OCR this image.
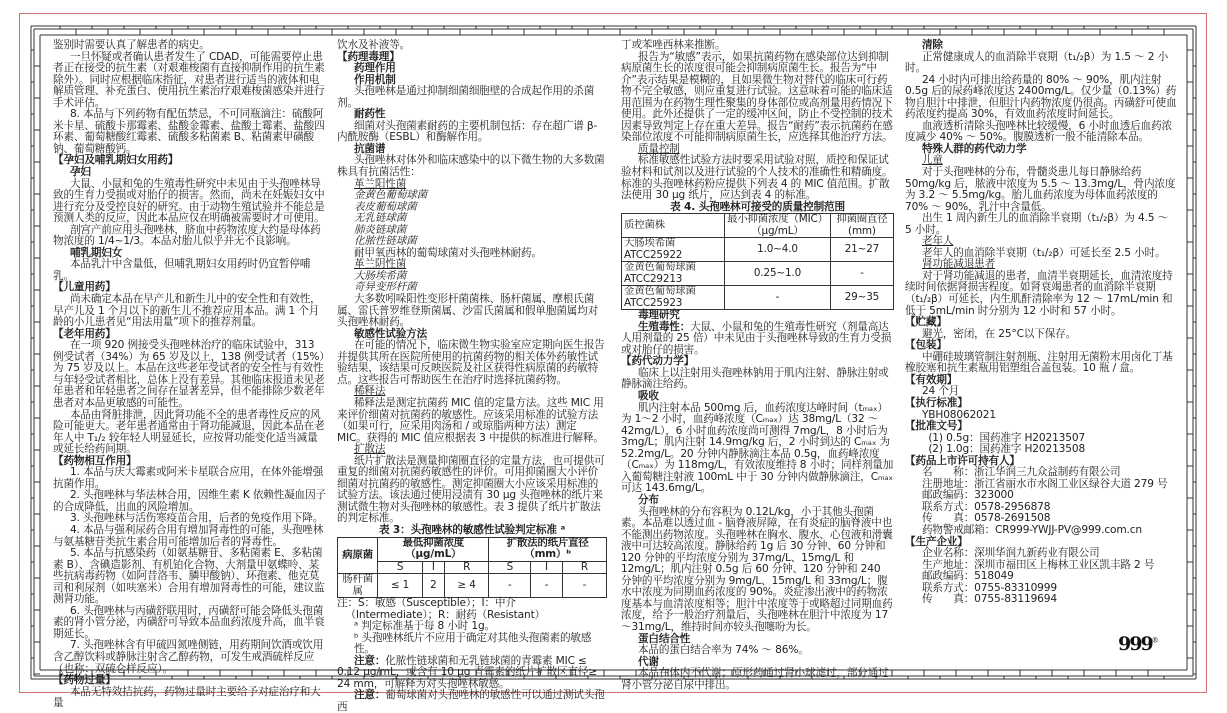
鉴别时需要认真了解患者的病史。

一旦怀疑或者确认患者发生了 CDAD，可能需要停止患者正在接受的抗生素（对艰难梭菌有直接抑制作用的抗生素除外）。同时应根据临床指征，对患者进行适当的液体和电解质管理、补充蛋白、使用抗生素治疗艰难梭菌感染并进行手术评估。

8. 本品与下列药物有配伍禁忌，不可同瓶滴注：硫酸阿米卡星、硫酸卡那霉素、盐酸金霉素、盐酸土霉素、盐酸四环素、葡萄糖酸红霉素、硫酸多粘菌素 B、粘菌素甲磺酸钠、葡萄糖酸钙。

【孕妇及哺乳期妇女用药】

孕妇

大鼠、小鼠和兔的生殖毒性研究中未见由于头孢唑林导致的生育力受损或对胎仔的损害。然而，尚未在妊娠妇女中进行充分及受控良好的研究。由于动物生殖试验并不能总是预测人类的反应，因此本品应仅在明确被需要时才可使用。

剖宫产前应用头孢唑林，脐血中药物浓度大约是母体药物浓度的 1/4~1/3。本品对胎儿似乎并无不良影响。

哺乳期妇女

本品乳汁中含量低，但哺乳期妇女用药时仍宜暂停哺乳。

【儿童用药】

尚未确定本品在早产儿和新生儿中的安全性和有效性，早产儿及 1 个月以下的新生儿不推荐应用本品。满 1 个月龄的小儿患者见“用法用量”项下的推荐剂量。

【老年用药】

在一项 920 例接受头孢唑林治疗的临床试验中，313 例受试者（34%）为 65 岁及以上，138 例受试者（15%）为 75 岁及以上。本品在这些老年受试者的安全性与有效性与年轻受试者相比，总体上没有差异。其他临床报道未见老年患者和年轻患者之间存在显著差异，但不能排除少数老年患者对本品更敏感的可能性。

本品由肾脏排泄，因此肾功能不全的患者毒性反应的风险可能更大。老年患者通常由于肾功能减退，因此本品在老年人中 T₁/₂ 较年轻人明显延长，应按肾功能变化适当减量或延长给药间期。

【药物相互作用】

1. 本品与庆大霉素或阿米卡星联合应用，在体外能增强抗菌作用。

2. 头孢唑林与华法林合用，因维生素 K 依赖性凝血因子的合成降低，出血的风险增加。

3. 头孢唑林与活伤寒疫苗合用，后者的免疫作用下降。

4. 本品与强利尿药合用有增加肾毒性的可能，头孢唑林与氨基糖苷类抗生素合用可能增加后者的肾毒性。

5. 本品与抗感染药（如氨基糖苷、多粘菌素 E、多粘菌素 B）、含碘造影剂、有机铂化合物、大剂量甲氨蝶呤、某些抗病毒药物（如阿昔洛韦、膦甲酸钠）、环孢素、他克莫司和利尿剂（如呋塞米）合用有增加肾毒性的可能，建议监测肾功能。

6. 头孢唑林与丙磺舒联用时，丙磺舒可能会降低头孢菌素的肾小管分泌，丙磺舒可导致本品血药浓度升高，血半衰期延长。

7. 头孢唑林含有甲硫四氮唑侧链，用药期间饮酒或饮用含乙醇饮料或静脉注射含乙醇药物，可发生戒酒硫样反应（也称：双硫仑样反应）。

【药物过量】

本品无特效拮抗药，药物过量时主要给予对症治疗和大量

饮水及补液等。

【药理毒理】

药理作用

作用机制

头孢唑林是通过抑制细菌细胞壁的合成起作用的杀菌剂。

耐药性

细菌对头孢菌素耐药的主要机制包括：存在超广谱 β- 内酰胺酶（ESBL）和酶解作用。

抗菌谱

头孢唑林对体外和临床感染中的以下微生物的大多数菌株具有抗菌活性：

革兰阳性菌

金黄色葡萄球菌

表皮葡萄球菌

无乳链球菌

肺炎链球菌

化脓性链球菌

耐甲氧西林的葡萄球菌对头孢唑林耐药。

革兰阴性菌

大肠埃希菌

奇异变形杆菌

大多数吲哚阳性变形杆菌菌株、肠杆菌属、摩根氏菌属、雷氏普罗维登斯菌属、沙雷氏菌属和假单胞菌属均对头孢唑林耐药。

敏感性试验方法

在可能的情况下，临床微生物实验室应定期向医生报告并提供其所在医院所使用的抗菌药物的相关体外药敏性试验结果，该结果可反映医院及社区获得性病原菌的药敏特点。这些报告可帮助医生在治疗时选择抗菌药物。

稀释法

稀释法是测定抗菌药 MIC 值的定量方法。这些 MIC 用来评价细菌对抗菌药的敏感性。应该采用标准的试验方法（如果可行，应采用肉汤和 / 或琼脂两种方法）测定 MIC。获得的 MIC 值应根据表 3 中提供的标准进行解释。

扩散法

纸片扩散法是测量抑菌圈直径的定量方法，也可提供可重复的细菌对抗菌药敏感性的评价。可用抑菌圈大小评价细菌对抗菌药的敏感性。测定抑菌圈大小应该采用标准的试验方法。该法通过使用浸渍有 30 μg 头孢唑林的纸片来测试微生物对头孢唑林的敏感性。表 3 提供了纸片扩散法的判定标准。

表 3：头孢唑林的敏感性试验判定标准 ᵃ

病原菌	最低抑菌浓度（μg/mL）			扩散法的纸片直径（mm）ᵇ		
	S	I	R	S	I	R
肠杆菌属	≤ 1	2	≥ 4	-	-	-

注：S：敏感（Susceptible）；I：中介（Intermediate）；R：耐药（Resistant）

ᵃ 判定标准基于每 8 小时 1g。

ᵇ 头孢唑林纸片不应用于确定对其他头孢菌素的敏感性。

注意：化脓性链球菌和无乳链球菌的青霉素 MIC ≤ 0.12 μg/mL，或含有 10 μg 青霉素的纸片扩散区直径≥ 24 mm，可解释为对头孢唑林敏感。

注意：葡萄球菌对头孢唑林的敏感性可以通过测试头孢西

丁或苯唑西林来推断。

报告为“敏感”表示，如果抗菌药物在感染部位达到抑制病原菌生长的浓度很可能会抑制病原菌生长。报告为“中介”表示结果是模糊的，且如果微生物对替代的临床可行药物不完全敏感，则应重复进行试验。这意味着可能的临床适用范围为在药物生理性聚集的身体部位或高剂量用药情况下使用。此外还提供了一定的缓冲区间，防止不受控制的技术因素导致判定上存在重大差异。报告“耐药”表示抗菌药在感染部位浓度不可能抑制病原菌生长，应选择其他治疗方法。

质量控制

标准敏感性试验方法时要采用试验对照，质控和保证试验材料和试剂以及进行试验的个人技术的准确性和精确度。标准的头孢唑林药粉应提供下列表 4 的 MIC 值范围。扩散法使用 30 μg 纸片，应达到表 4 的标准。

表 4. 头孢唑林可接受的质量控制范围

质控菌株	最小抑菌浓度（MIC）（μg/mL）	抑菌圈直径(mm)
大肠埃希菌 ATCC25922	1.0~4.0	21~27
金黄色葡萄球菌 ATCC29213	0.25~1.0	-
金黄色葡萄球菌 ATCC25923	-	29~35

毒理研究

生殖毒性：大鼠、小鼠和兔的生殖毒性研究（剂量高达人用剂量的 25 倍）中未见由于头孢唑林导致的生育力受损或对胎仔的损害。

【药代动力学】

临床上以注射用头孢唑林钠用于肌内注射、静脉注射或静脉滴注给药。

吸收

肌内注射本品 500mg 后，血药浓度达峰时间（tₘₐₓ）为 1～2 小时，血药峰浓度（Cₘₐₓ）达 38mg/L（32 ～ 42mg/L），6 小时血药浓度尚可测得 7mg/L，8 小时后为 3mg/L；肌内注射 14.9mg/kg 后，2 小时到达的 Cₘₐₓ 为 52.2mg/L。20 分钟内静脉滴注本品 0.5g，血药峰浓度（Cₘₐₓ）为 118mg/L，有效浓度维持 8 小时；同样剂量加入葡萄糖注射液 100mL 中于 30 分钟内做静脉滴注，Cₘₐₓ 可达 143.6mg/L。

分布

头孢唑林的分布容积为 0.12L/kg，小于其他头孢菌素。本品难以透过血 - 脑脊液屏障，在有炎症的脑脊液中也不能测出药物浓度。头孢唑林在胸水、腹水、心包液和滑囊液中可达较高浓度。静脉给药 1g 后 30 分钟、60 分钟和 120 分钟的平均浓度分别为 37mg/L、15mg/L 和 12mg/L；肌内注射 0.5g 后 60 分钟、120 分钟和 240 分钟的平均浓度分别为 9mg/L、15mg/L 和 33mg/L；腹水中浓度为同期血药浓度的 90%。炎症渗出液中的药物浓度基本与血清浓度相等；胆汁中浓度等于或略超过同期血药浓度，给予一般治疗剂量后，头孢唑林在胆汁中浓度为 17～31mg/L，维持时间亦较头孢噻吩为长。

蛋白结合性

本品的蛋白结合率为 74% ～ 86%。

代谢

本品在体内不代谢；原形药通过肾小球滤过，部分通过肾小管分泌自尿中排出。

清除

正常健康成人的血消除半衰期（t₁/₂β）为 1.5 ～ 2 小时。

24 小时内可排出给药量的 80% ～ 90%，肌内注射 0.5g 后的尿药峰浓度达 2400mg/L。仅少量（0.13%）药物自胆汁中排泄，但胆汁内药物浓度仍很高。丙磺舒可使血药浓度约提高 30%，有效血药浓度时间延长。

血液透析清除头孢唑林比较缓慢，6 小时血透后血药浓度减少 40% ～ 50%。腹膜透析一般不能清除本品。

特殊人群的药代动力学

儿童

对于头孢唑林的分布，骨髓炎患儿每日静脉给药 50mg/kg 后，脓液中浓度为 5.5 ～ 13.3mg/L，骨内浓度为 3.2 ～ 5.5mg/kg。胎儿血药浓度为母体血药浓度的 70% ～ 90%，乳汁中含量低。

出生 1 周内新生儿的血消除半衰期（t₁/₂β）为 4.5 ～ 5 小时。

老年人

老年人的血消除半衰期（t₁/₂β）可延长至 2.5 小时。

肾功能减退患者

对于肾功能减退的患者，血清半衰期延长，血清浓度持续时间依据肾损害程度。如肾衰竭患者的血消除半衰期（t₁/₂β）可延长，内生肌酐清除率为 12 ～ 17mL/min 和低于 5mL/min 时分别为 12 小时和 57 小时。

【贮藏】

避光，密闭，在 25°C以下保存。

【包装】

中硼硅玻璃管制注射剂瓶、注射用无菌粉末用卤化丁基橡胶塞和抗生素瓶用铝塑组合盖包装。10 瓶 / 盒。

【有效期】

24 个月

【执行标准】

YBH08062021

【批准文号】

(1) 0.5g：国药准字 H20213507

(2) 1.0g：国药准字 H20213508

【药品上市许可持有人】

名　　称：浙江华润三九众益制药有限公司

注册地址：浙江省丽水市水阁工业区绿谷大道 279 号

邮政编码：323000

联系方式：0578-2956878

传　　真：0578-2691508

药物警戒邮箱：CR999-YWJJ-PV@999.com.cn

【生产企业】

企业名称：深圳华润九新药业有限公司

生产地址：深圳市福田区上梅林工业区凯丰路 2 号

邮政编码：518049

联系方式：0755-83310999

传　　真：0755-83119694

999®
